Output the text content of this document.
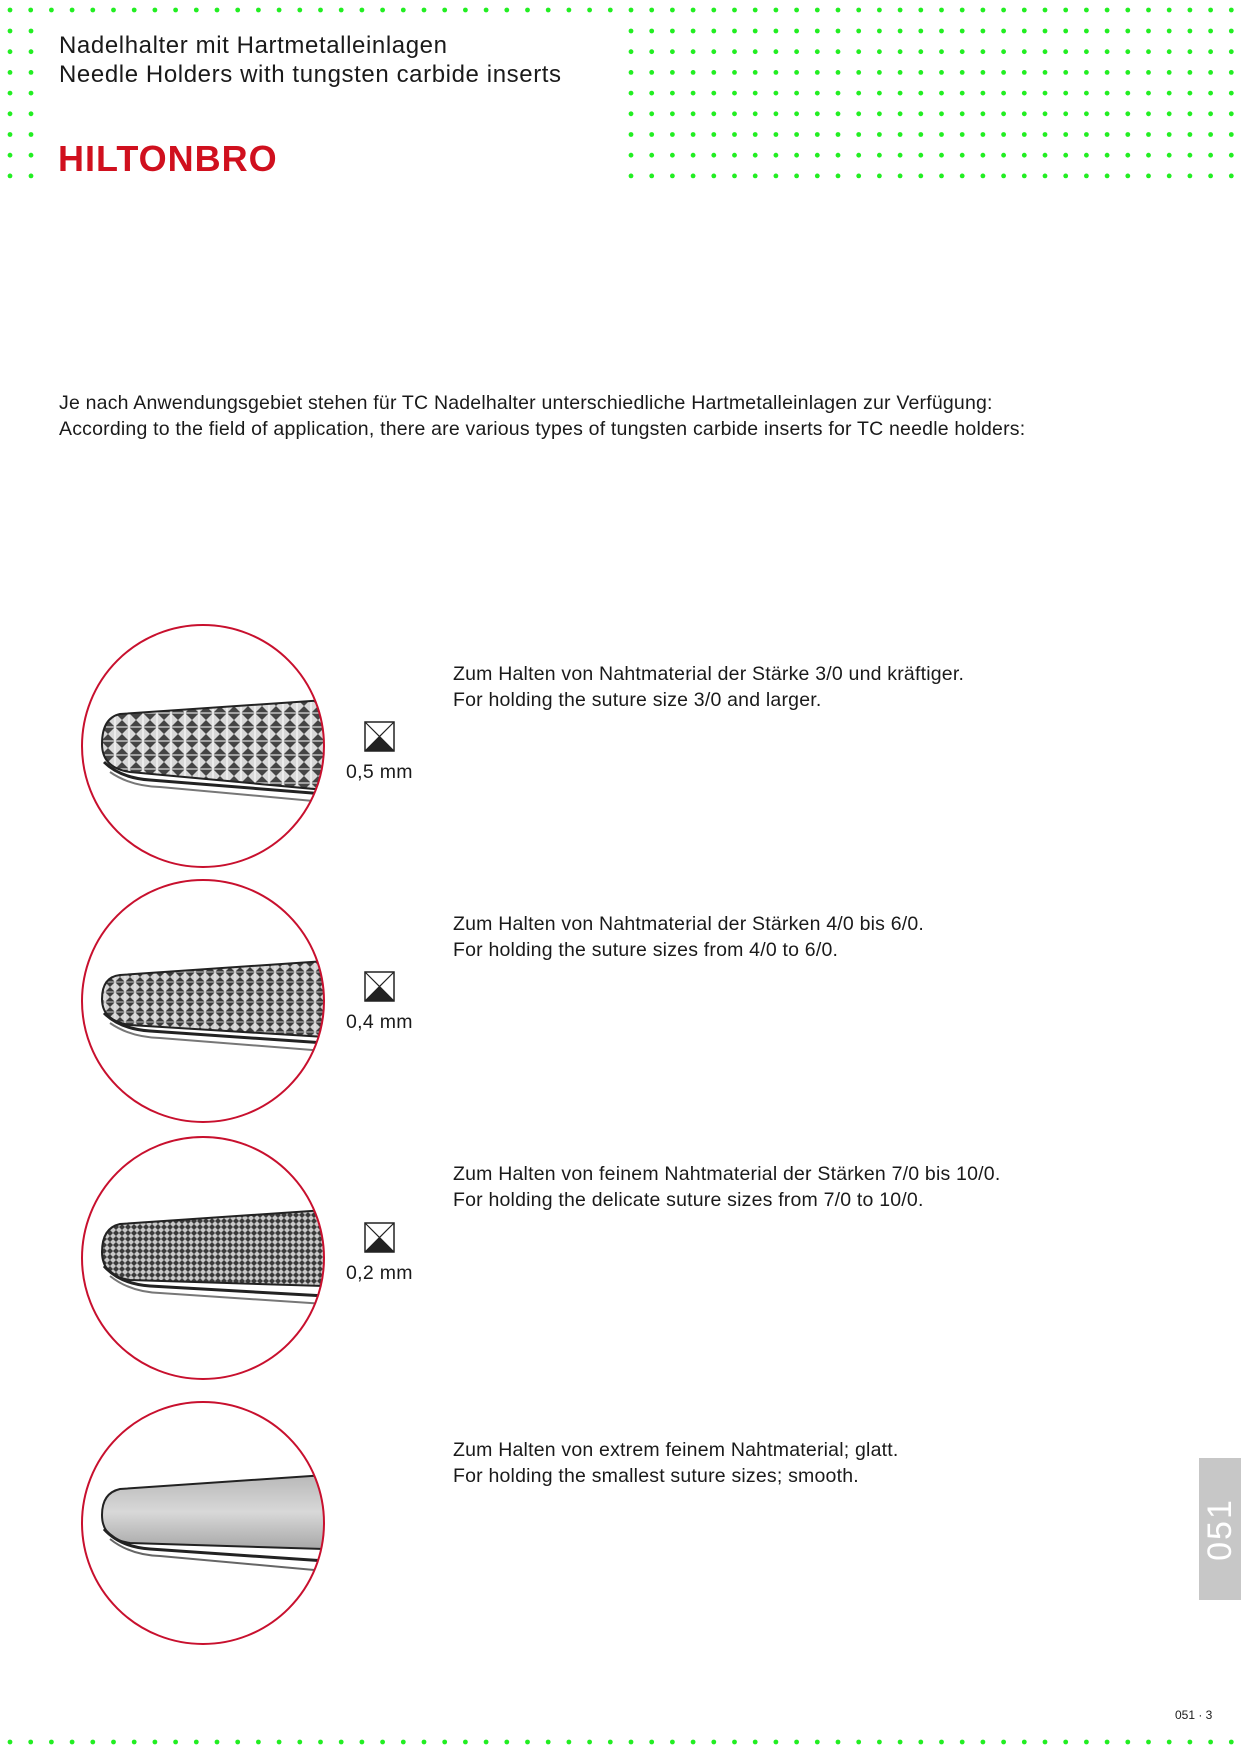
Nadelhalter mit Hartmetalleinlagen
Needle Holders with tungsten carbide inserts
HILTONBRO
Je nach Anwendungsgebiet stehen für TC Nadelhalter unterschiedliche Hartmetalleinlagen zur Verfügung:
According to the field of application, there are various types of tungsten carbide inserts for TC needle holders:
0,5 mm
Zum Halten von Nahtmaterial der Stärke 3/0 und kräftiger.
For holding the suture size 3/0 and larger.
0,4 mm
Zum Halten von Nahtmaterial der Stärken 4/0 bis 6/0.
For holding the suture sizes from 4/0 to 6/0.
0,2 mm
Zum Halten von feinem Nahtmaterial der Stärken 7/0 bis 10/0.
For holding the delicate suture sizes from 7/0 to 10/0.
Zum Halten von extrem feinem Nahtmaterial; glatt.
For holding the smallest suture sizes; smooth.
051
051 · 3
